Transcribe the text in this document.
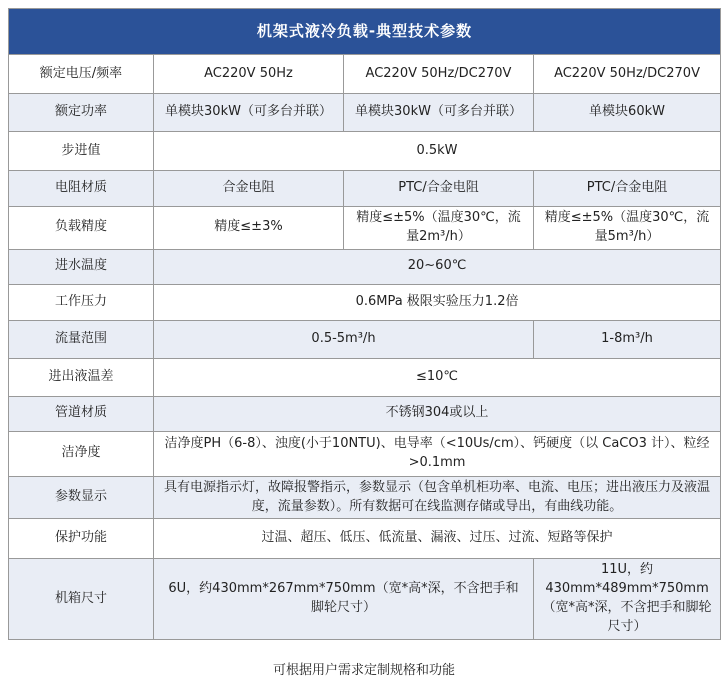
机架式液冷负载-典型技术参数			
额定电压/频率	AC220V 50Hz	AC220V 50Hz/DC270V	AC220V 50Hz/DC270V
额定功率	单模块30kW（可多台并联）	单模块30kW（可多台并联）	单模块60kW
步进值	0.5kW		
电阻材质	合金电阻	PTC/合金电阻	PTC/合金电阻
负载精度	精度≤±3%	精度≤±5%（温度30℃，流量2m³/h）	精度≤±5%（温度30℃，流量5m³/h）
进水温度	20~60℃		
工作压力	0.6MPa 极限实验压力1.2倍		
流量范围	0.5-5m³/h		1-8m³/h
进出液温差	≤10℃		
管道材质	不锈钢304或以上		
洁净度	洁净度PH（6-8）、浊度(小于10NTU)、电导率（<10Us/cm）、钙硬度（以 CaCO3 计）、粒经>0.1mm		
参数显示	具有电源指示灯，故障报警指示，参数显示（包含单机柜功率、电流、电压；进出液压力及液温度，流量参数）。所有数据可在线监测存储或导出，有曲线功能。		
保护功能	过温、超压、低压、低流量、漏液、过压、过流、短路等保护		
机箱尺寸	6U，约430mm*267mm*750mm（宽*高*深，不含把手和脚轮尺寸）		11U，约430mm*489mm*750mm（宽*高*深，不含把手和脚轮尺寸）
可根据用户需求定制规格和功能
